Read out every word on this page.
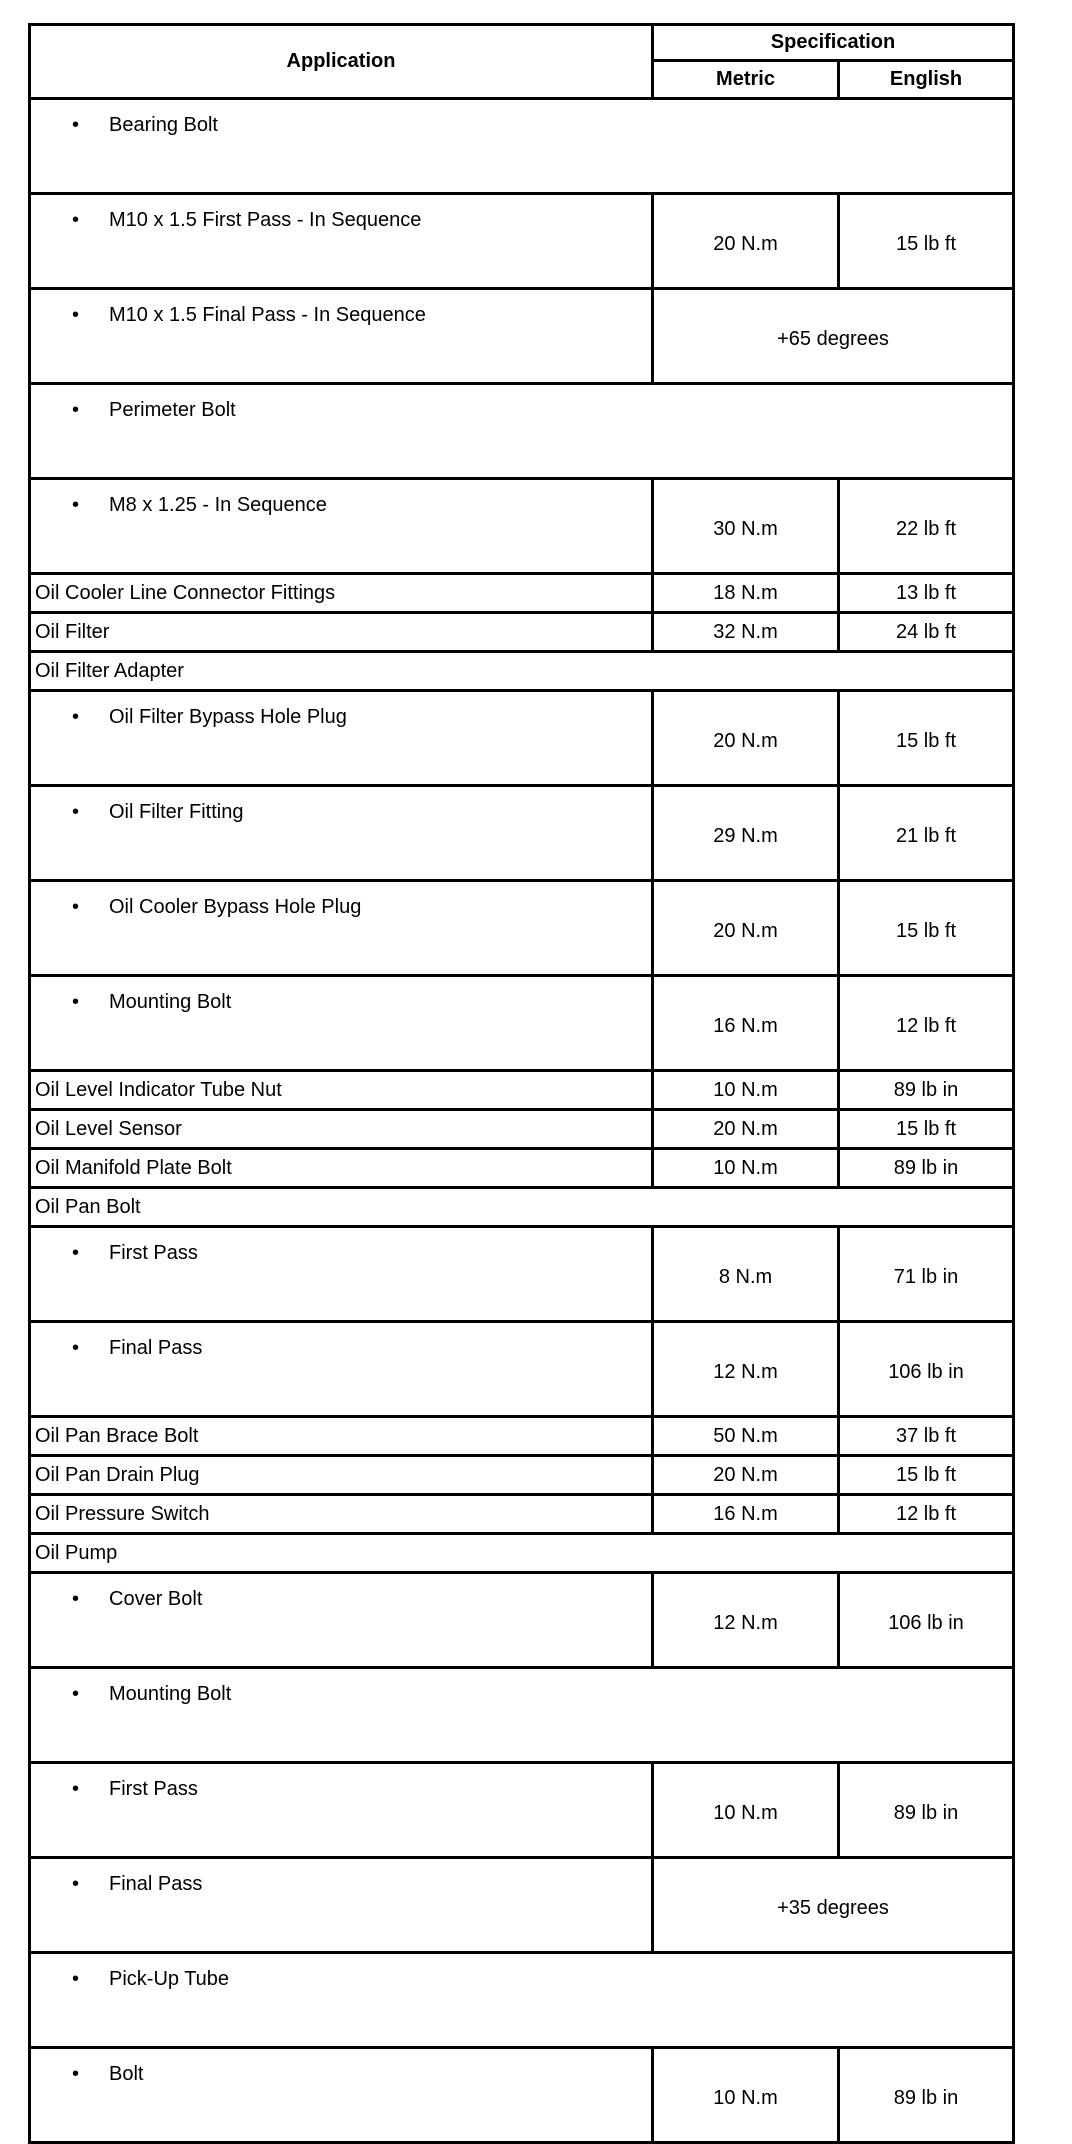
Application	Specification	
	Metric	English
• Bearing Bolt		
• M10 x 1.5 First Pass - In Sequence	20 N.m	15 lb ft
• M10 x 1.5 Final Pass - In Sequence	+65 degrees	
• Perimeter Bolt		
• M8 x 1.25 - In Sequence	30 N.m	22 lb ft
Oil Cooler Line Connector Fittings	18 N.m	13 lb ft
Oil Filter	32 N.m	24 lb ft
Oil Filter Adapter		
• Oil Filter Bypass Hole Plug	20 N.m	15 lb ft
• Oil Filter Fitting	29 N.m	21 lb ft
• Oil Cooler Bypass Hole Plug	20 N.m	15 lb ft
• Mounting Bolt	16 N.m	12 lb ft
Oil Level Indicator Tube Nut	10 N.m	89 lb in
Oil Level Sensor	20 N.m	15 lb ft
Oil Manifold Plate Bolt	10 N.m	89 lb in
Oil Pan Bolt		
• First Pass	8 N.m	71 lb in
• Final Pass	12 N.m	106 lb in
Oil Pan Brace Bolt	50 N.m	37 lb ft
Oil Pan Drain Plug	20 N.m	15 lb ft
Oil Pressure Switch	16 N.m	12 lb ft
Oil Pump		
• Cover Bolt	12 N.m	106 lb in
• Mounting Bolt		
• First Pass	10 N.m	89 lb in
• Final Pass	+35 degrees	
• Pick-Up Tube		
• Bolt	10 N.m	89 lb in
